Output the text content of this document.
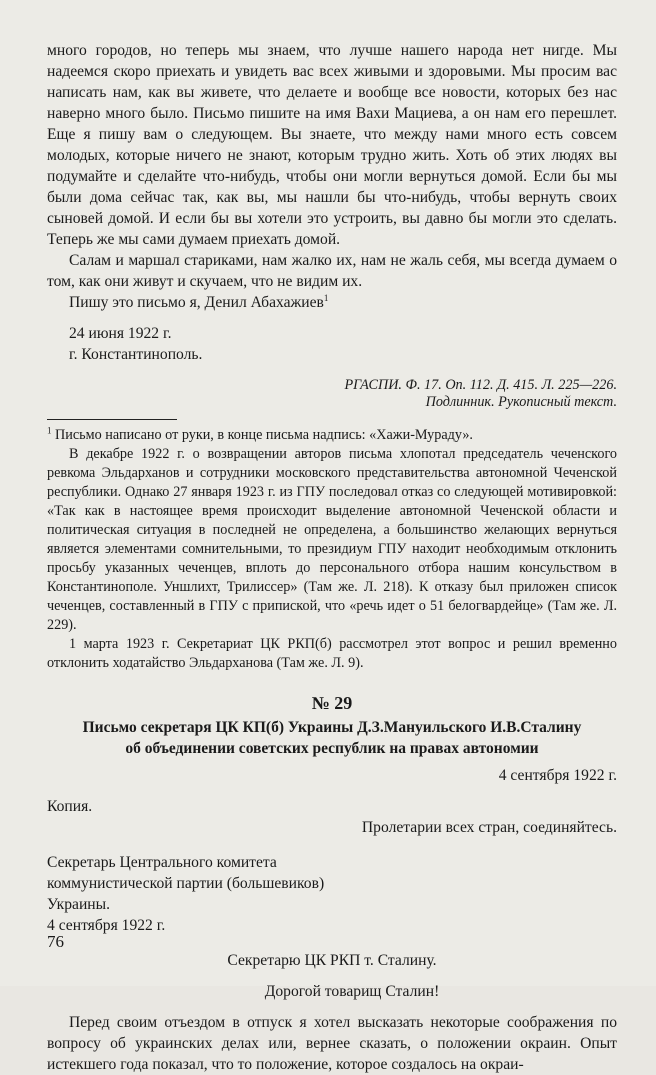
много городов, но теперь мы знаем, что лучше нашего народа нет нигде. Мы надеемся скоро приехать и увидеть вас всех живыми и здоровыми. Мы просим вас написать нам, как вы живете, что делаете и вообще все новости, которых без нас наверно много было. Письмо пишите на имя Вахи Мациева, а он нам его перешлет. Еще я пишу вам о следующем. Вы знаете, что между нами много есть совсем молодых, которые ничего не знают, которым трудно жить. Хоть об этих людях вы подумайте и сделайте что-нибудь, чтобы они могли вернуться домой. Если бы мы были дома сейчас так, как вы, мы нашли бы что-нибудь, чтобы вернуть своих сыновей домой. И если бы вы хотели это устроить, вы давно бы могли это сделать. Теперь же мы сами думаем приехать домой.

Салам и маршал стариками, нам жалко их, нам не жаль себя, мы всегда думаем о том, как они живут и скучаем, что не видим их.

Пишу это письмо я, Денил Абахажиев$^1$

24 июня 1922 г.

г. Константинополь.

РГАСПИ. Ф. 17. Оп. 112. Д. 415. Л. 225—226.

Подлинник. Рукописный текст.

$^1$ Письмо написано от руки, в конце письма надпись: «Хажи-Мураду».

В декабре 1922 г. о возвращении авторов письма хлопотал председатель чеченского ревкома Эльдарханов и сотрудники московского представительства автономной Чеченской республики. Однако 27 января 1923 г. из ГПУ последовал отказ со следующей мотивировкой: «Так как в настоящее время происходит выделение автономной Чеченской области и политическая ситуация в последней не определена, а большинство желающих вернуться является элементами сомнительными, то президиум ГПУ находит необходимым отклонить просьбу указанных чеченцев, вплоть до персонального отбора нашим консульством в Константинополе. Уншлихт, Трилиссер» (Там же. Л. 218). К отказу был приложен список чеченцев, составленный в ГПУ с припиской, что «речь идет о 51 белогвардейце» (Там же. Л. 229).

1 марта 1923 г. Секретариат ЦК РКП(б) рассмотрел этот вопрос и решил временно отклонить ходатайство Эльдарханова (Там же. Л. 9).

№ 29

Письмо секретаря ЦК КП(б) Украины Д.З.Мануильского И.В.Сталину

об объединении советских республик на правах автономии

4 сентября 1922 г.

Копия.

Пролетарии всех стран, соединяйтесь.

Секретарь Центрального комитета

коммунистической партии (большевиков)

Украины.

4 сентября 1922 г.

Секретарю ЦК РКП т. Сталину.

Дорогой товарищ Сталин!

Перед своим отъездом в отпуск я хотел высказать некоторые соображения по вопросу об украинских делах или, вернее сказать, о положении окраин. Опыт истекшего года показал, что то положение, которое создалось на окраи-

76
